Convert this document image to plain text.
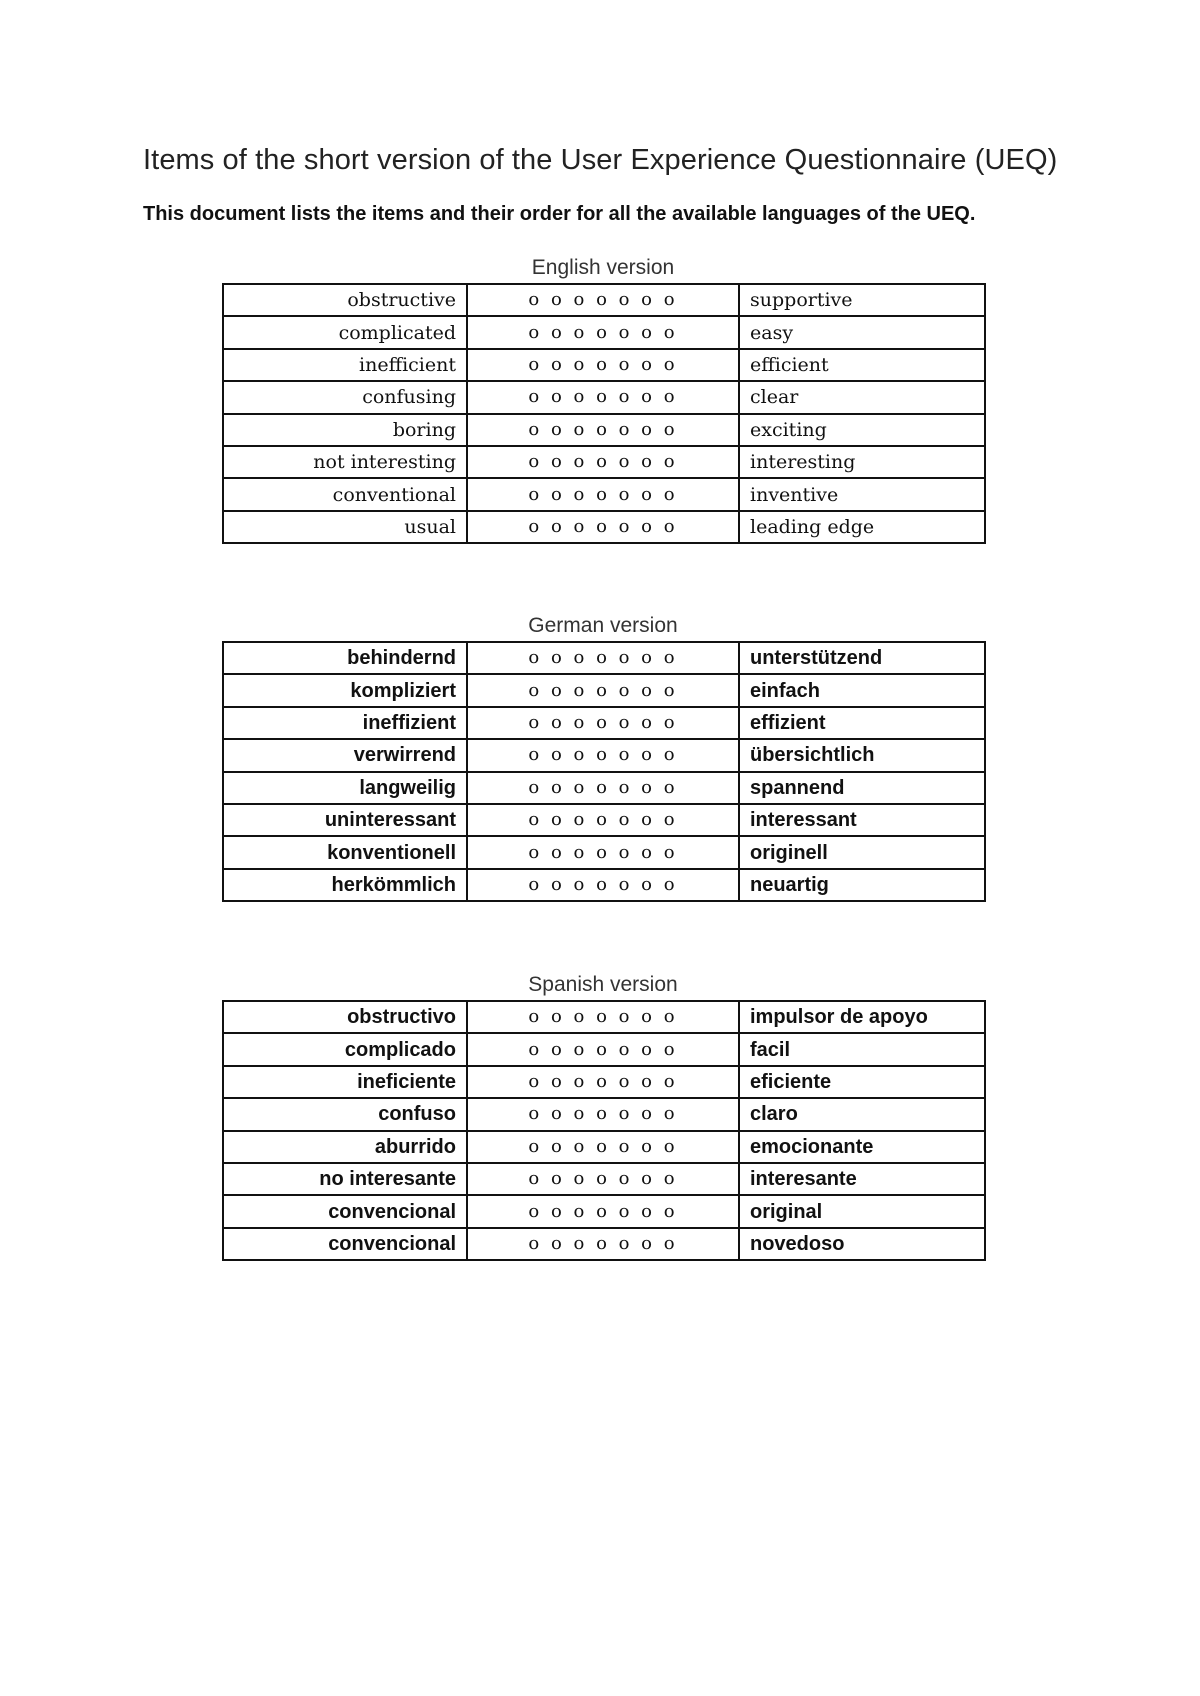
Items of the short version of the User Experience Questionnaire (UEQ)
This document lists the items and their order for all the available languages of the UEQ.
English version
obstructive	o o o o o o o	supportive
complicated	o o o o o o o	easy
inefficient	o o o o o o o	efficient
confusing	o o o o o o o	clear
boring	o o o o o o o	exciting
not interesting	o o o o o o o	interesting
conventional	o o o o o o o	inventive
usual	o o o o o o o	leading edge
German version
behindernd	o o o o o o o	unterstützend
kompliziert	o o o o o o o	einfach
ineffizient	o o o o o o o	effizient
verwirrend	o o o o o o o	übersichtlich
langweilig	o o o o o o o	spannend
uninteressant	o o o o o o o	interessant
konventionell	o o o o o o o	originell
herkömmlich	o o o o o o o	neuartig
Spanish version
obstructivo	o o o o o o o	impulsor de apoyo
complicado	o o o o o o o	facil
ineficiente	o o o o o o o	eficiente
confuso	o o o o o o o	claro
aburrido	o o o o o o o	emocionante
no interesante	o o o o o o o	interesante
convencional	o o o o o o o	original
convencional	o o o o o o o	novedoso
